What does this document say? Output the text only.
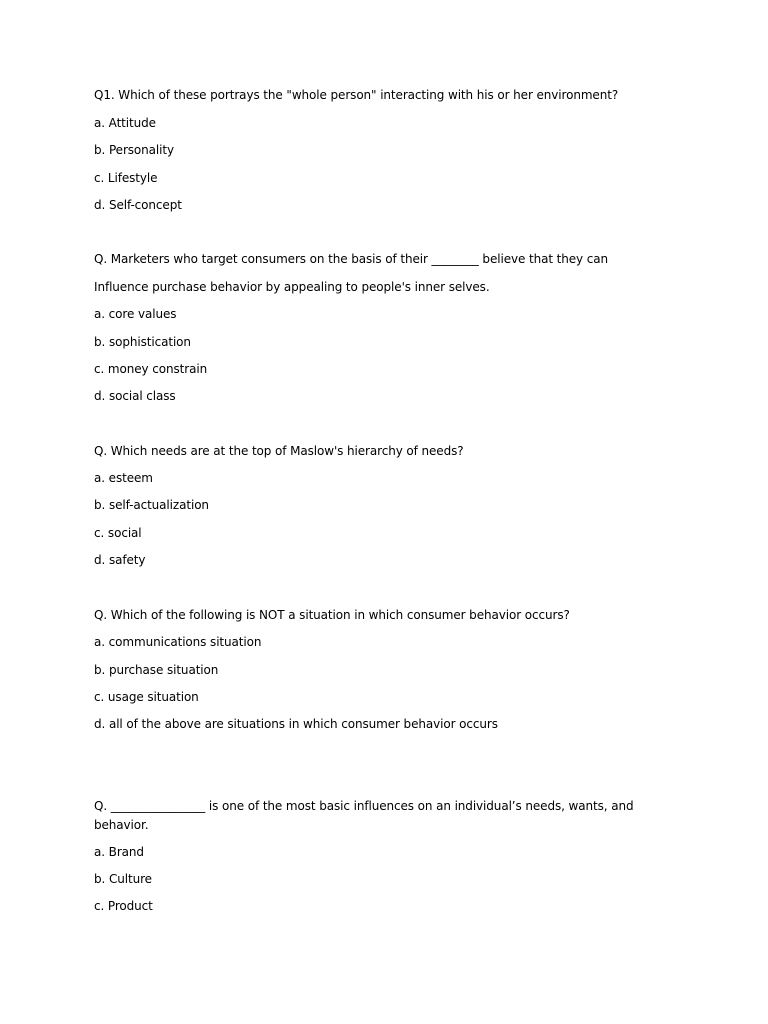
Q1. Which of these portrays the "whole person" interacting with his or her environment?
a. Attitude
b. Personality
c. Lifestyle
d. Self-concept
Q. Marketers who target consumers on the basis of their ________ believe that they can
Influence purchase behavior by appealing to people's inner selves.
a. core values
b. sophistication
c. money constrain
d. social class
Q. Which needs are at the top of Maslow's hierarchy of needs?
a. esteem
b. self-actualization
c. social
d. safety
Q. Which of the following is NOT a situation in which consumer behavior occurs?
a. communications situation
b. purchase situation
c. usage situation
d. all of the above are situations in which consumer behavior occurs
Q. ________________ is one of the most basic influences on an individual’s needs, wants, and
behavior.
a. Brand
b. Culture
c. Product
